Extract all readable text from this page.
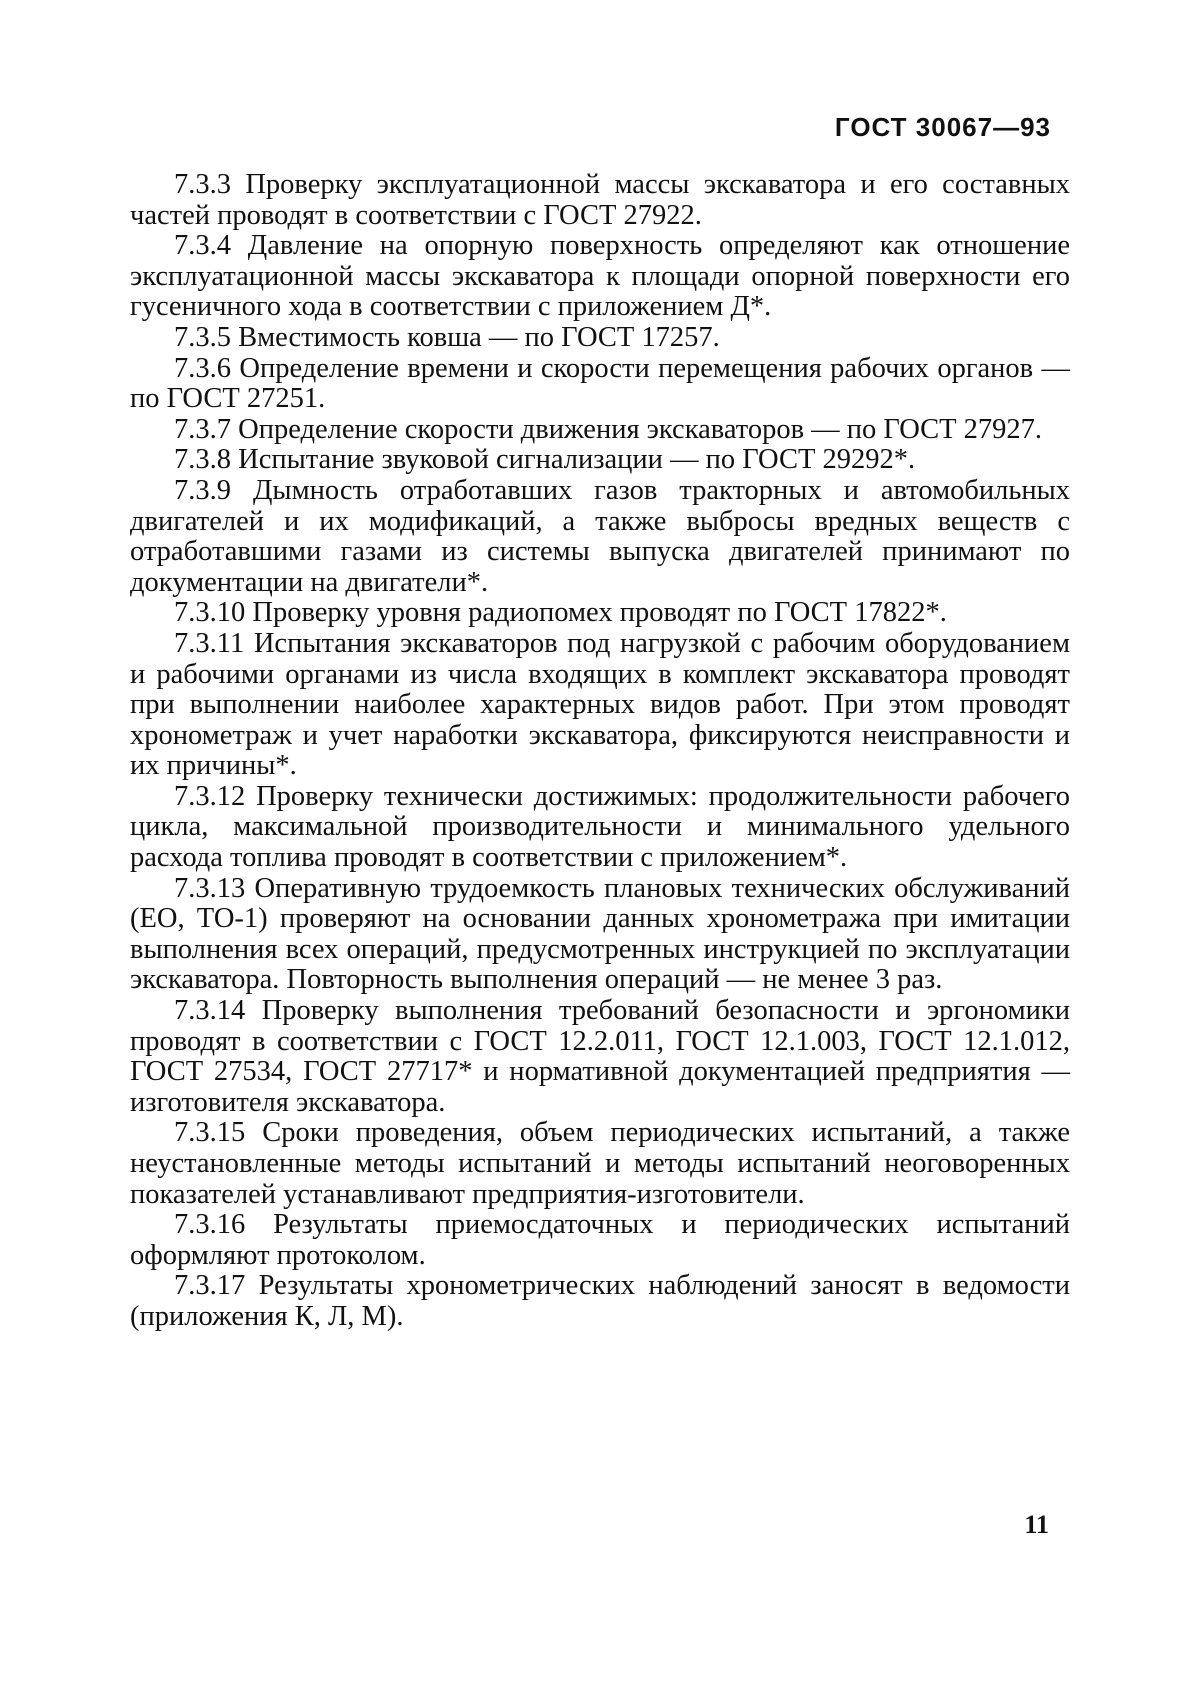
ГОСТ 30067—93

7.3.3 Проверку эксплуатационной массы экскаватора и его составных частей проводят в соответствии с ГОСТ 27922.

7.3.4 Давление на опорную поверхность определяют как отношение эксплуатационной массы экскаватора к площади опорной поверхности его гусеничного хода в соответствии с приложением Д*.

7.3.5 Вместимость ковша — по ГОСТ 17257.

7.3.6 Определение времени и скорости перемещения рабочих органов — по ГОСТ 27251.

7.3.7 Определение скорости движения экскаваторов — по ГОСТ 27927.

7.3.8 Испытание звуковой сигнализации — по ГОСТ 29292*.

7.3.9 Дымность отработавших газов тракторных и автомобильных двигателей и их модификаций, а также выбросы вредных веществ с отработавшими газами из системы выпуска двигателей принимают по документации на двигатели*.

7.3.10 Проверку уровня радиопомех проводят по ГОСТ 17822*.

7.3.11 Испытания экскаваторов под нагрузкой с рабочим оборудованием и рабочими органами из числа входящих в комплект экскаватора проводят при выполнении наиболее характерных видов работ. При этом проводят хронометраж и учет наработки экскаватора, фиксируются неисправности и их причины*.

7.3.12 Проверку технически достижимых: продолжительности рабочего цикла, максимальной производительности и минимального удельного расхода топлива проводят в соответствии с приложением*.

7.3.13 Оперативную трудоемкость плановых технических обслуживаний (ЕО, ТО-1) проверяют на основании данных хронометража при имитации выполнения всех операций, предусмотренных инструкцией по эксплуатации экскаватора. Повторность выполнения операций — не менее 3 раз.

7.3.14 Проверку выполнения требований безопасности и эргономики проводят в соответствии с ГОСТ 12.2.011, ГОСТ 12.1.003, ГОСТ 12.1.012, ГОСТ 27534, ГОСТ 27717* и нормативной документацией предприятия — изготовителя экскаватора.

7.3.15 Сроки проведения, объем периодических испытаний, а также неустановленные методы испытаний и методы испытаний неоговоренных показателей устанавливают предприятия-изготовители.

7.3.16 Результаты приемосдаточных и периодических испытаний оформляют протоколом.

7.3.17 Результаты хронометрических наблюдений заносят в ведомости (приложения К, Л, М).

11
